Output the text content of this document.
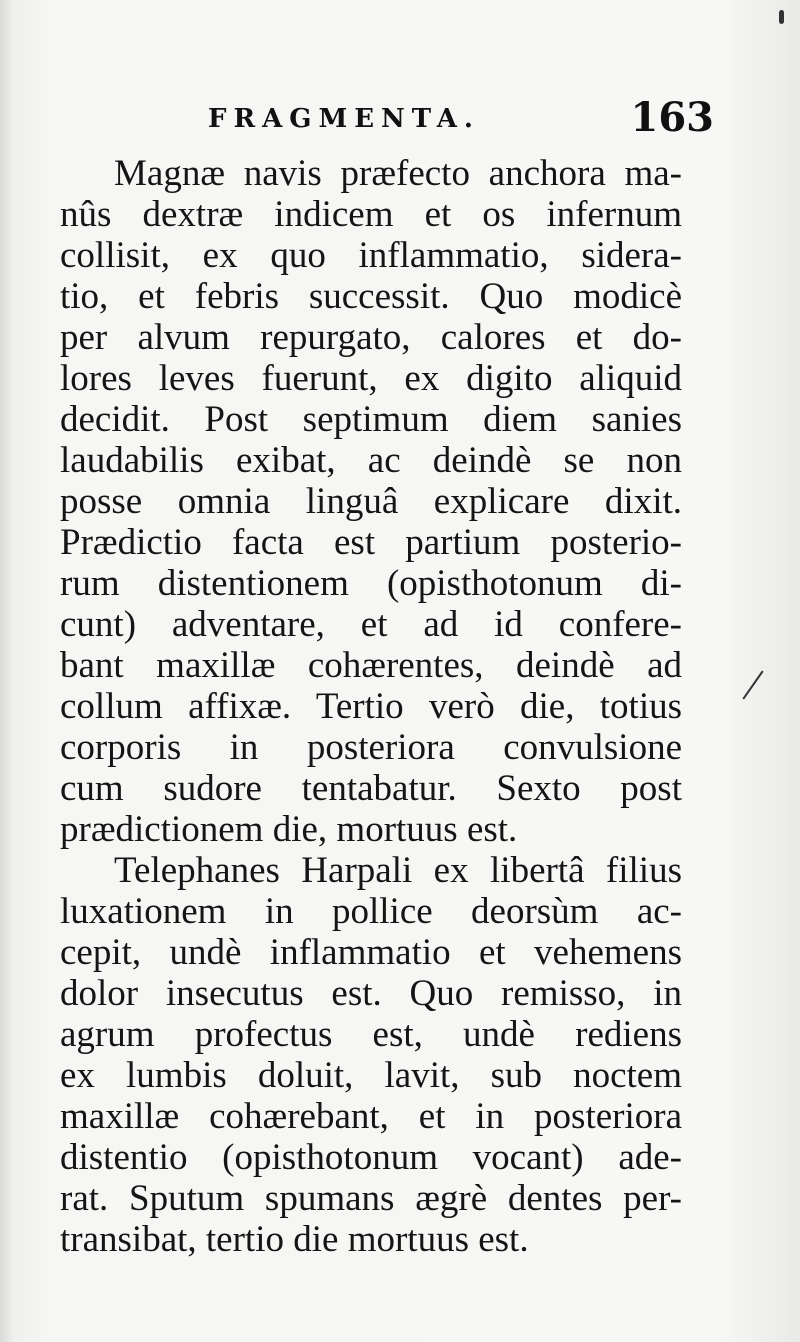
FRAGMENTA.	163
Magnæ navis præfecto anchora ma-
nûs dextræ indicem et os infernum
collisit, ex quo inflammatio, sidera-
tio, et febris successit. Quo modicè
per alvum repurgato, calores et do-
lores leves fuerunt, ex digito aliquid
decidit. Post septimum diem sanies
laudabilis exibat, ac deindè se non
posse omnia linguâ explicare dixit.
Prædictio facta est partium posterio-
rum distentionem (opisthotonum di-
cunt) adventare, et ad id confere-
bant maxillæ cohærentes, deindè ad
collum affixæ. Tertio verò die, totius
corporis in posteriora convulsione
cum sudore tentabatur. Sexto post
prædictionem die, mortuus est.
Telephanes Harpali ex libertâ filius
luxationem in pollice deorsùm ac-
cepit, undè inflammatio et vehemens
dolor insecutus est. Quo remisso, in
agrum profectus est, undè rediens
ex lumbis doluit, lavit, sub noctem
maxillæ cohærebant, et in posteriora
distentio (opisthotonum vocant) ade-
rat. Sputum spumans ægrè dentes per-
transibat, tertio die mortuus est.
